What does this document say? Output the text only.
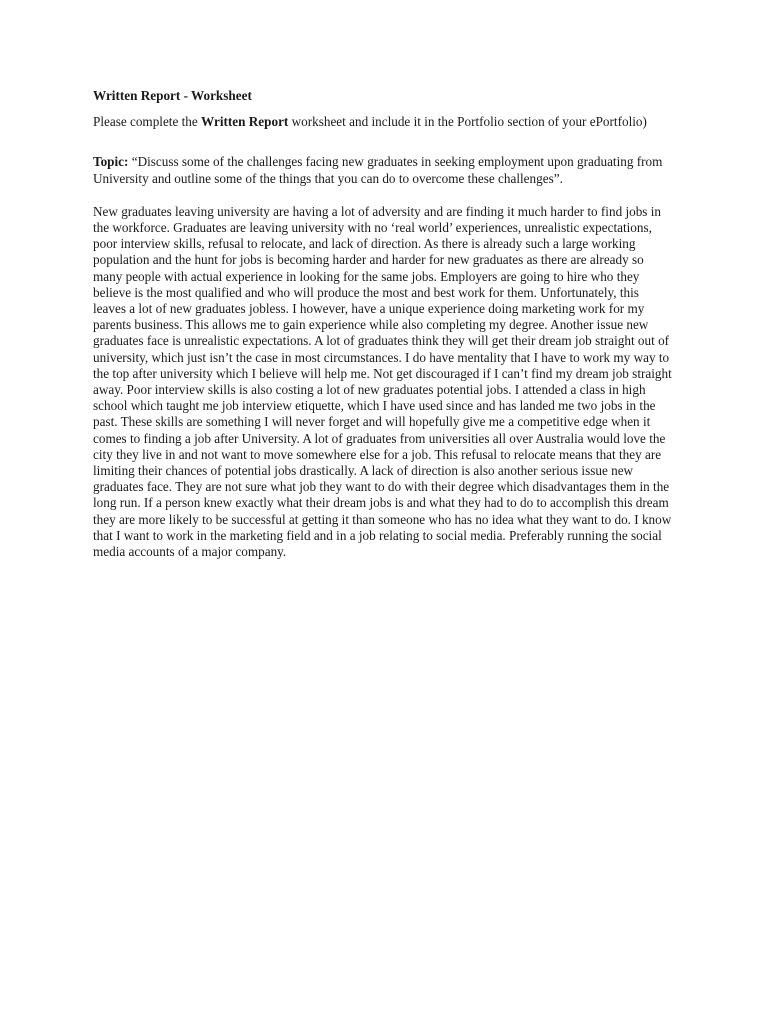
Written Report - Worksheet

Please complete the Written Report worksheet and include it in the Portfolio section of your ePortfolio)

Topic: “Discuss some of the challenges facing new graduates in seeking employment upon graduating from University and outline some of the things that you can do to overcome these challenges”.

New graduates leaving university are having a lot of adversity and are finding it much harder to find jobs in the workforce. Graduates are leaving university with no ‘real world’ experiences, unrealistic expectations, poor interview skills, refusal to relocate, and lack of direction. As there is already such a large working population and the hunt for jobs is becoming harder and harder for new graduates as there are already so many people with actual experience in looking for the same jobs. Employers are going to hire who they believe is the most qualified and who will produce the most and best work for them. Unfortunately, this leaves a lot of new graduates jobless. I however, have a unique experience doing marketing work for my parents business. This allows me to gain experience while also completing my degree. Another issue new graduates face is unrealistic expectations. A lot of graduates think they will get their dream job straight out of university, which just isn’t the case in most circumstances. I do have mentality that I have to work my way to the top after university which I believe will help me. Not get discouraged if I can’t find my dream job straight away. Poor interview skills is also costing a lot of new graduates potential jobs. I attended a class in high school which taught me job interview etiquette, which I have used since and has landed me two jobs in the past. These skills are something I will never forget and will hopefully give me a competitive edge when it comes to finding a job after University. A lot of graduates from universities all over Australia would love the city they live in and not want to move somewhere else for a job. This refusal to relocate means that they are limiting their chances of potential jobs drastically. A lack of direction is also another serious issue new graduates face. They are not sure what job they want to do with their degree which disadvantages them in the long run. If a person knew exactly what their dream jobs is and what they had to do to accomplish this dream they are more likely to be successful at getting it than someone who has no idea what they want to do. I know that I want to work in the marketing field and in a job relating to social media. Preferably running the social media accounts of a major company.
